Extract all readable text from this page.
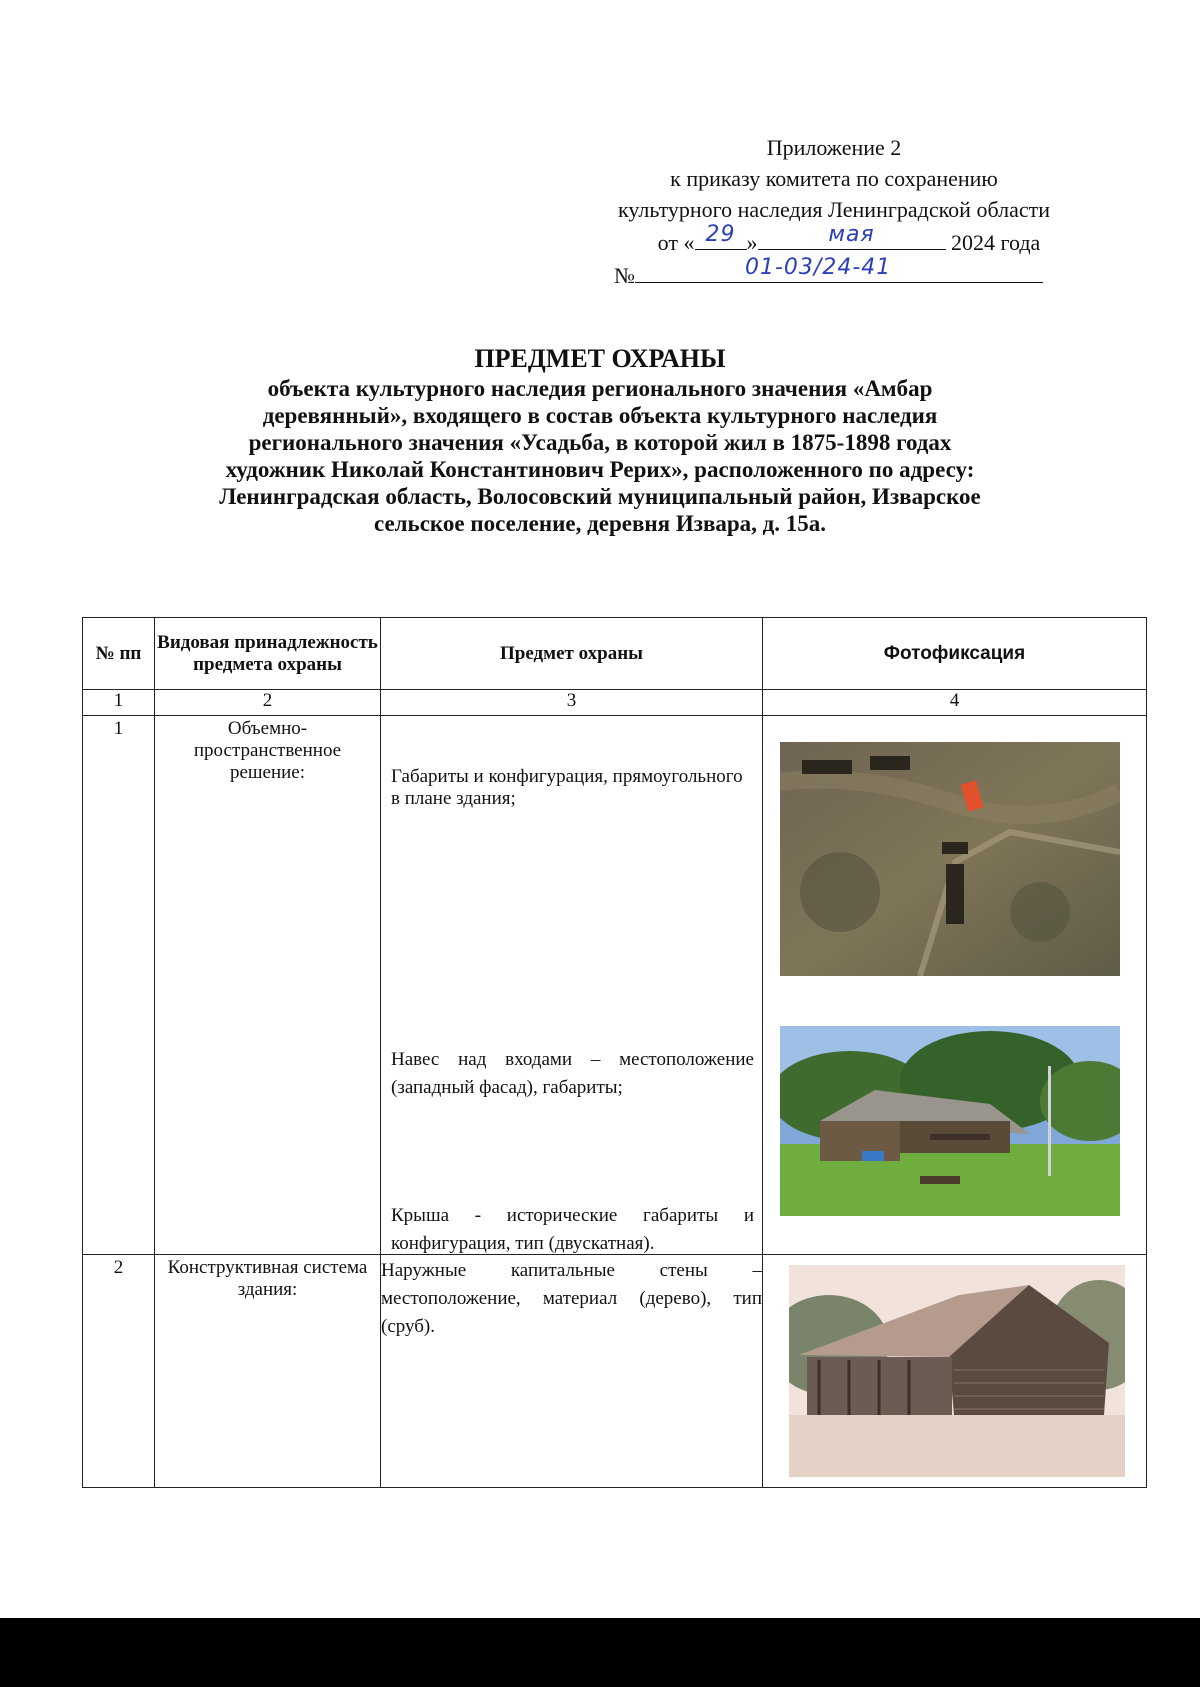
Приложение 2
к приказу комитета по сохранению
культурного наследия Ленинградской области
от « 29 »	мая	2024 года
№	01-03/24-41
ПРЕДМЕТ ОХРАНЫ
объекта культурного наследия регионального значения «Амбар
деревянный», входящего в состав объекта культурного наследия
регионального значения «Усадьба, в которой жил в 1875-1898 годах
художник Николай Константинович Рерих», расположенного по адресу:
Ленинградская область, Волосовский муниципальный район, Изварское
сельское поселение, деревня Извара, д. 15а.
№ пп	Видовая принадлежность предмета охраны	Предмет охраны	Фотофиксация
1	2	3	4
1	Объемно-пространственное решение:	Габариты и конфигурация, прямоугольного в плане здания;
Навес над входами – местоположение (западный фасад), габариты;
Крыша - исторические габариты и конфигурация, тип (двускатная).

2	Конструктивная система здания:	Наружные капитальные стены – местоположение, материал (дерево), тип (сруб).	
